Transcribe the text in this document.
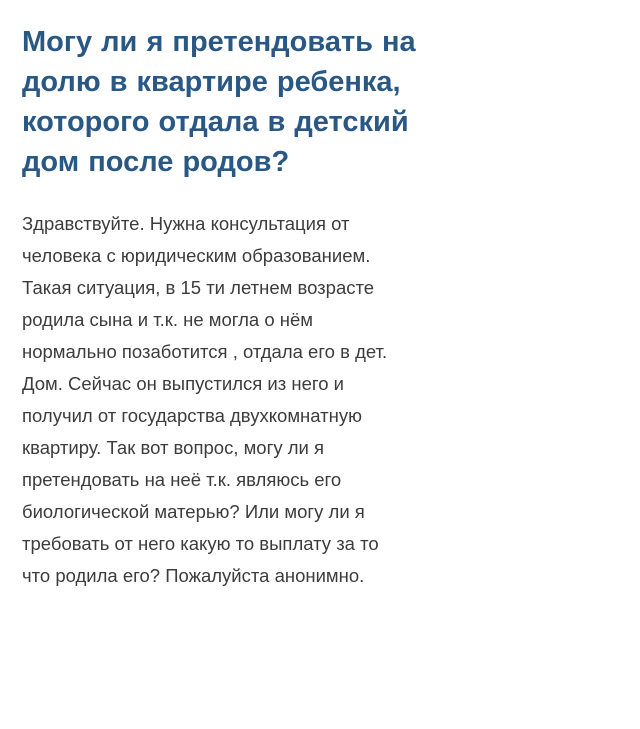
Могу ли я претендовать на
долю в квартире ребенка,
которого отдала в детский
дом после родов?

Здравствуйте. Нужна консультация от
человека с юридическим образованием.
Такая ситуация, в 15 ти летнем возрасте
родила сына и т.к. не могла о нём
нормально позаботится , отдала его в дет.
Дом. Сейчас он выпустился из него и
получил от государства двухкомнатную
квартиру. Так вот вопрос, могу ли я
претендовать на неё т.к. являюсь его
биологической матерью? Или могу ли я
требовать от него какую то выплату за то
что родила его? Пожалуйста анонимно.
